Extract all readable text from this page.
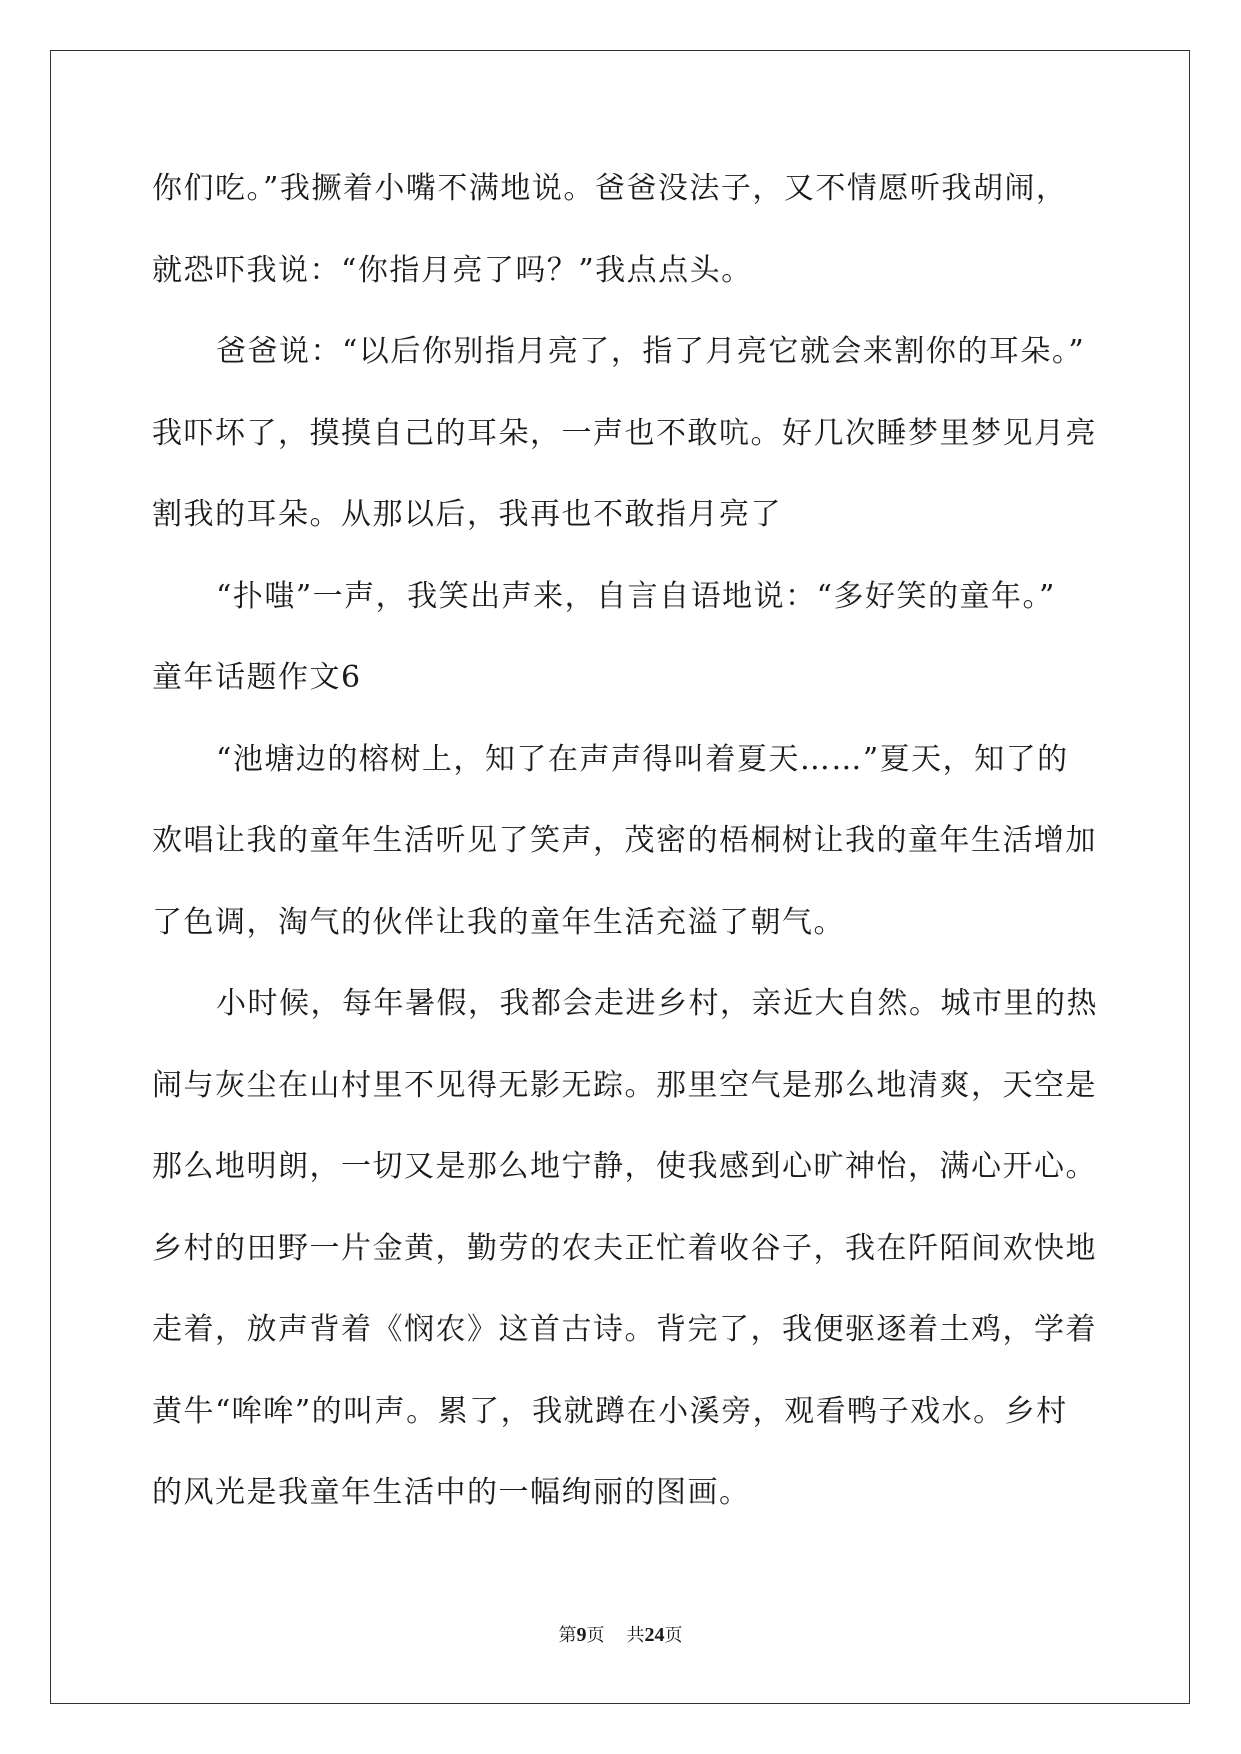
你们吃。”我撅着小嘴不满地说。爸爸没法子，又不情愿听我胡闹，
就恐吓我说：“你指月亮了吗？”我点点头。
爸爸说：“以后你别指月亮了，指了月亮它就会来割你的耳朵。”
我吓坏了，摸摸自己的耳朵，一声也不敢吭。好几次睡梦里梦见月亮
割我的耳朵。从那以后，我再也不敢指月亮了
“扑嗤”一声，我笑出声来，自言自语地说：“多好笑的童年。”
童年话题作文6
“池塘边的榕树上，知了在声声得叫着夏天……”夏天，知了的
欢唱让我的童年生活听见了笑声，茂密的梧桐树让我的童年生活增加
了色调，淘气的伙伴让我的童年生活充溢了朝气。
小时候，每年暑假，我都会走进乡村，亲近大自然。城市里的热
闹与灰尘在山村里不见得无影无踪。那里空气是那么地清爽，天空是
那么地明朗，一切又是那么地宁静，使我感到心旷神怡，满心开心。
乡村的田野一片金黄，勤劳的农夫正忙着收谷子，我在阡陌间欢快地
走着，放声背着《悯农》这首古诗。背完了，我便驱逐着土鸡，学着
黄牛“哞哞”的叫声。累了，我就蹲在小溪旁，观看鸭子戏水。乡村
的风光是我童年生活中的一幅绚丽的图画。
第9页 共24页
